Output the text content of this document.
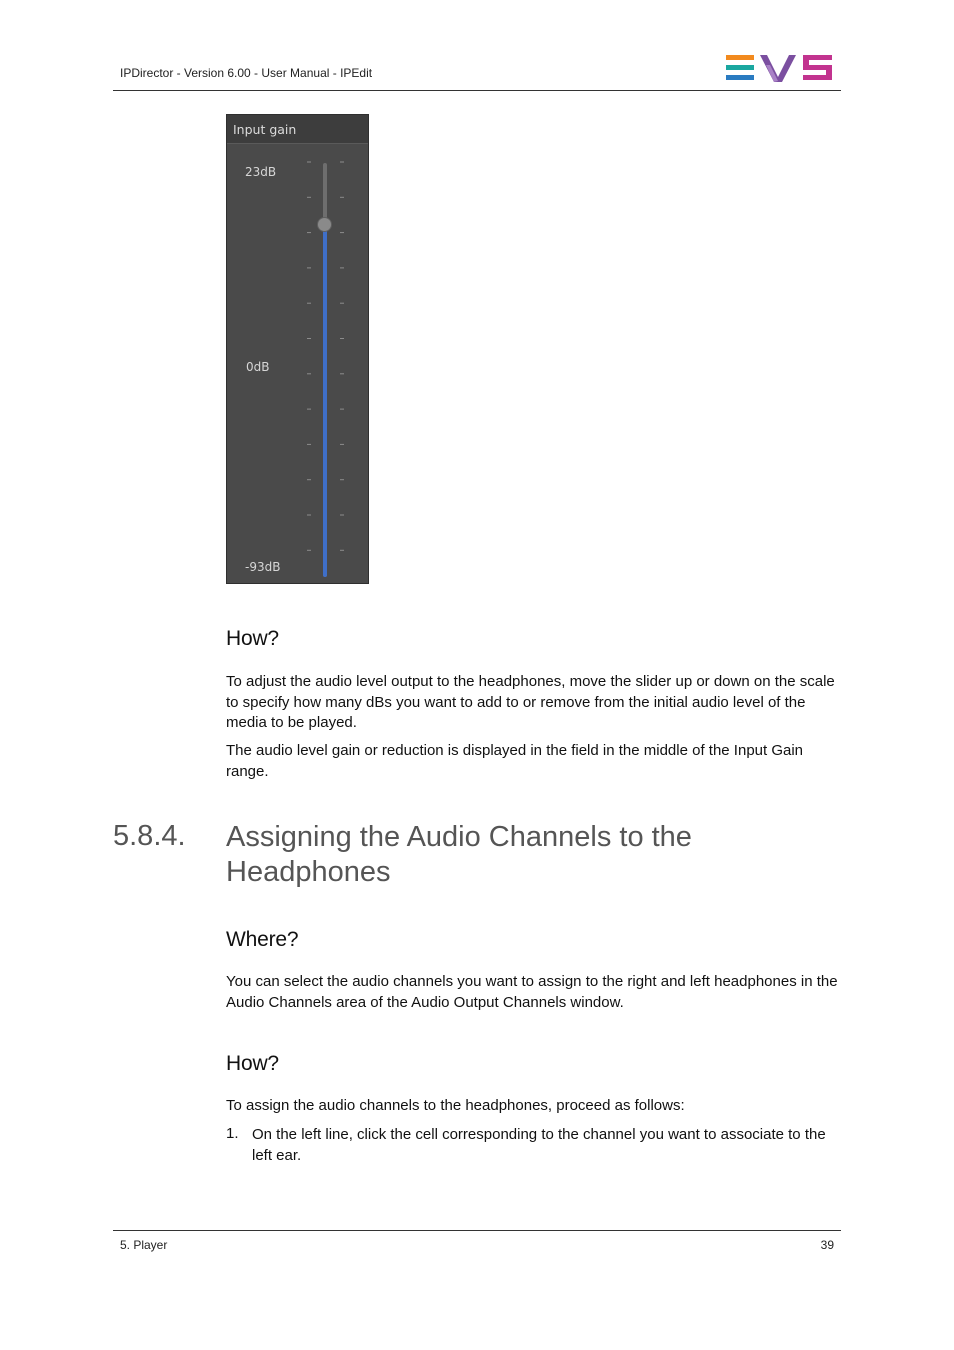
IPDirector - Version 6.00 - User Manual - IPEdit
Input gain
23dB
0dB
-93dB
How?

To adjust the audio level output to the headphones, move the slider up or down on the scale to specify how many dBs you want to add to or remove from the initial audio level of the media to be played.

The audio level gain or reduction is displayed in the field in the middle of the Input Gain range.

5.8.4. Assigning the Audio Channels to the Headphones
Where?

You can select the audio channels you want to assign to the right and left headphones in the Audio Channels area of the Audio Output Channels window.

How?

To assign the audio channels to the headphones, proceed as follows:

1. On the left line, click the cell corresponding to the channel you want to associate to the left ear.

5. Player	39
